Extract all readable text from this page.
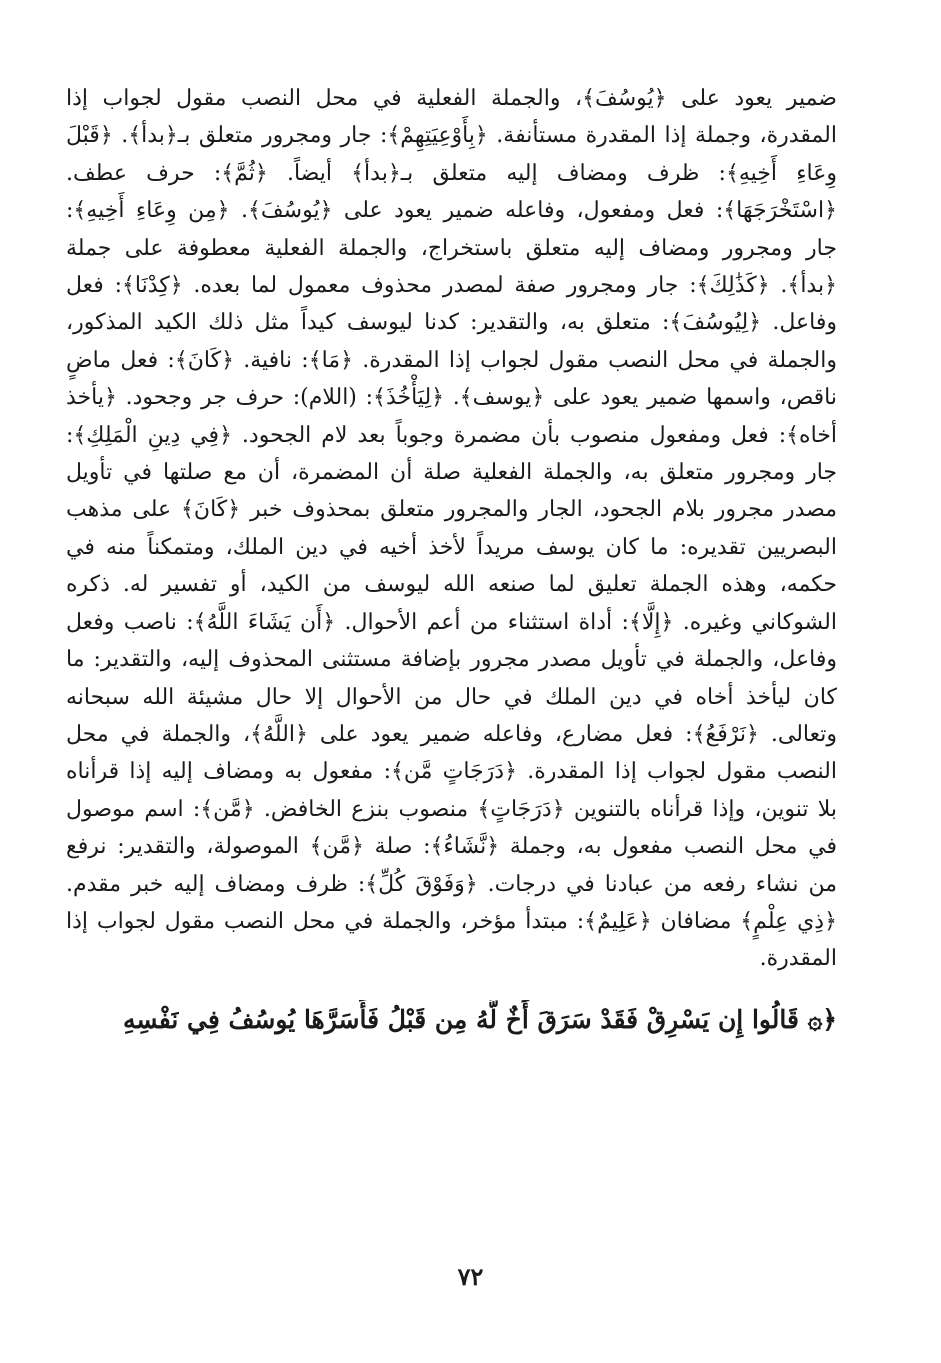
ضمير يعود على ﴿يُوسُفَ﴾، والجملة الفعلية في محل النصب مقول لجواب إذا المقدرة، وجملة إذا المقدرة مستأنفة. ﴿بِأَوْعِيَتِهِمْ﴾: جار ومجرور متعلق بـ﴿بدأ﴾. ﴿قَبْلَ وِعَاءِ أَخِيهِ﴾: ظرف ومضاف إليه متعلق بـ﴿بدأ﴾ أيضاً. ﴿ثُمَّ﴾: حرف عطف. ﴿اسْتَخْرَجَهَا﴾: فعل ومفعول، وفاعله ضمير يعود على ﴿يُوسُفَ﴾. ﴿مِن وِعَاءِ أَخِيهِ﴾: جار ومجرور ومضاف إليه متعلق باستخراج، والجملة الفعلية معطوفة على جملة ﴿بدأ﴾. ﴿كَذَٰلِكَ﴾: جار ومجرور صفة لمصدر محذوف معمول لما بعده. ﴿كِدْنَا﴾: فعل وفاعل. ﴿لِيُوسُفَ﴾: متعلق به، والتقدير: كدنا ليوسف كيداً مثل ذلك الكيد المذكور، والجملة في محل النصب مقول لجواب إذا المقدرة. ﴿مَا﴾: نافية. ﴿كَانَ﴾: فعل ماضٍ ناقص، واسمها ضمير يعود على ﴿يوسف﴾. ﴿لِيَأْخُذَ﴾: (اللام): حرف جر وجحود. ﴿يأخذ أخاه﴾: فعل ومفعول منصوب بأن مضمرة وجوباً بعد لام الجحود. ﴿فِي دِينِ الْمَلِكِ﴾: جار ومجرور متعلق به، والجملة الفعلية صلة أن المضمرة، أن مع صلتها في تأويل مصدر مجرور بلام الجحود، الجار والمجرور متعلق بمحذوف خبر ﴿كَانَ﴾ على مذهب البصريين تقديره: ما كان يوسف مريداً لأخذ أخيه في دين الملك، ومتمكناً منه في حكمه، وهذه الجملة تعليق لما صنعه الله ليوسف من الكيد، أو تفسير له. ذكره الشوكاني وغيره. ﴿إِلَّا﴾: أداة استثناء من أعم الأحوال. ﴿أَن يَشَاءَ اللَّهُ﴾: ناصب وفعل وفاعل، والجملة في تأويل مصدر مجرور بإضافة مستثنى المحذوف إليه، والتقدير: ما كان ليأخذ أخاه في دين الملك في حال من الأحوال إلا حال مشيئة الله سبحانه وتعالى. ﴿نَرْفَعُ﴾: فعل مضارع، وفاعله ضمير يعود على ﴿اللَّهُ﴾، والجملة في محل النصب مقول لجواب إذا المقدرة. ﴿دَرَجَاتٍ مَّن﴾: مفعول به ومضاف إليه إذا قرأناه بلا تنوين، وإذا قرأناه بالتنوين ﴿دَرَجَاتٍ﴾ منصوب بنزع الخافض. ﴿مَّن﴾: اسم موصول في محل النصب مفعول به، وجملة ﴿نَّشَاءُ﴾: صلة ﴿مَّن﴾ الموصولة، والتقدير: نرفع من نشاء رفعه من عبادنا في درجات. ﴿وَفَوْقَ كُلِّ﴾: ظرف ومضاف إليه خبر مقدم. ﴿ذِي عِلْمٍ﴾ مضافان ﴿عَلِيمٌ﴾: مبتدأ مؤخر، والجملة في محل النصب مقول لجواب إذا المقدرة.

﴿۞ قَالُوا إِن يَسْرِقْ فَقَدْ سَرَقَ أَخٌ لَّهُ مِن قَبْلُ فَأَسَرَّهَا يُوسُفُ فِي نَفْسِهِ
٧٢
